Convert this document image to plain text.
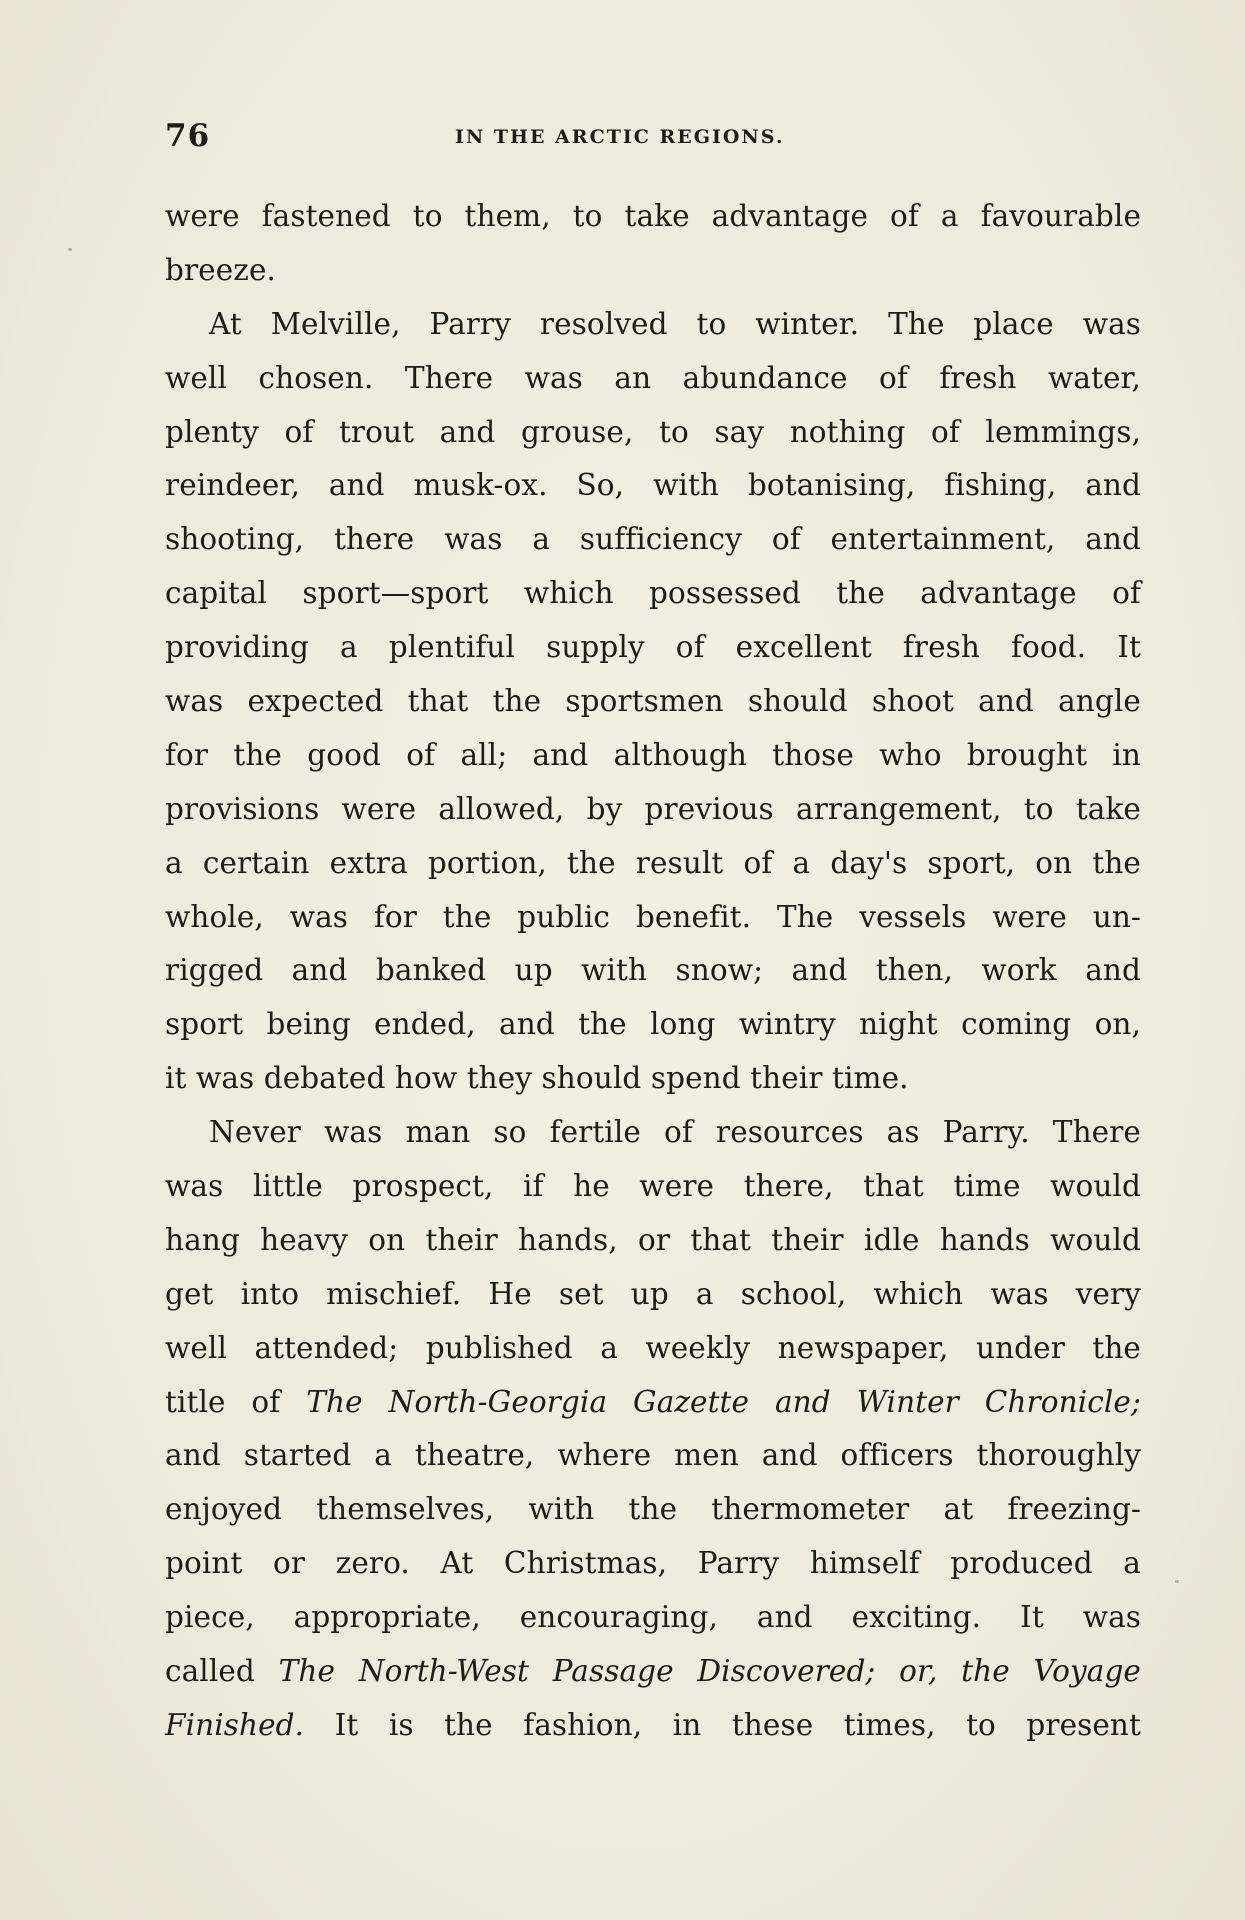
76	IN THE ARCTIC REGIONS.
were fastened to them, to take advantage of a favourable
breeze.
At Melville, Parry resolved to winter. The place was
well chosen. There was an abundance of fresh water,
plenty of trout and grouse, to say nothing of lemmings,
reindeer, and musk-ox. So, with botanising, fishing, and
shooting, there was a sufficiency of entertainment, and
capital sport—sport which possessed the advantage of
providing a plentiful supply of excellent fresh food. It
was expected that the sportsmen should shoot and angle
for the good of all; and although those who brought in
provisions were allowed, by previous arrangement, to take
a certain extra portion, the result of a day's sport, on the
whole, was for the public benefit. The vessels were un-
rigged and banked up with snow; and then, work and
sport being ended, and the long wintry night coming on,
it was debated how they should spend their time.
Never was man so fertile of resources as Parry. There
was little prospect, if he were there, that time would
hang heavy on their hands, or that their idle hands would
get into mischief. He set up a school, which was very
well attended; published a weekly newspaper, under the
title of The North-Georgia Gazette and Winter Chronicle;
and started a theatre, where men and officers thoroughly
enjoyed themselves, with the thermometer at freezing-
point or zero. At Christmas, Parry himself produced a
piece, appropriate, encouraging, and exciting. It was
called The North-West Passage Discovered; or, the Voyage
Finished. It is the fashion, in these times, to present
